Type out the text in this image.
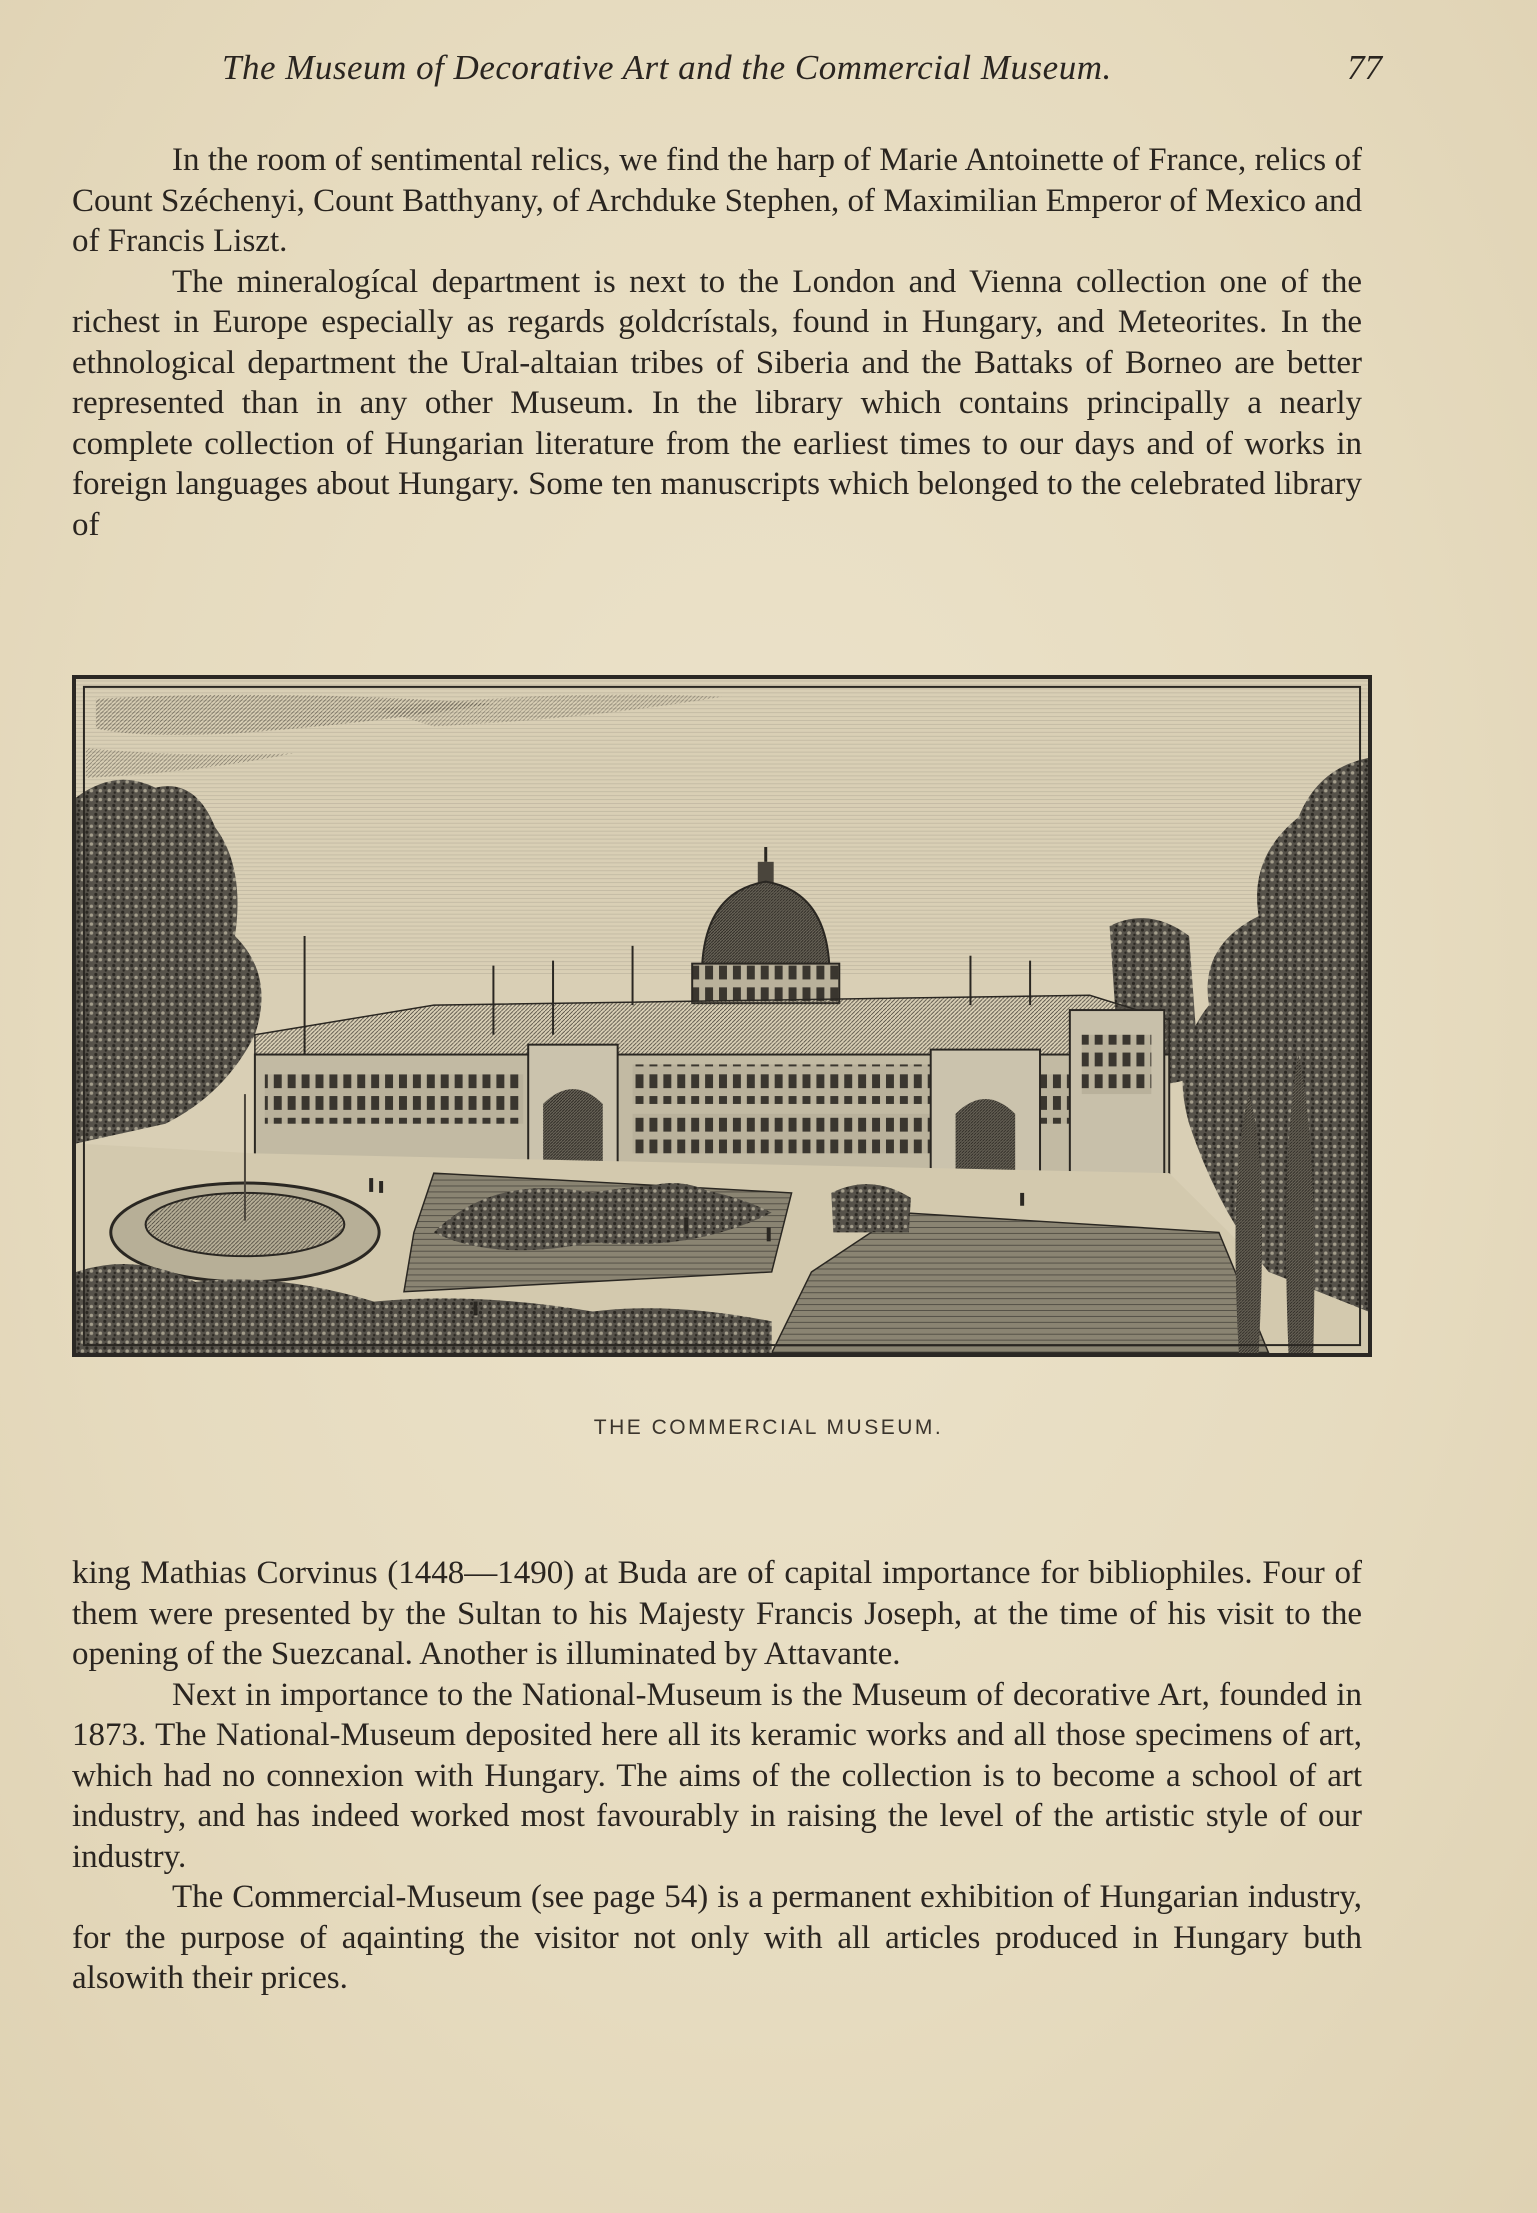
The Museum of Decorative Art and the Commercial Museum.	77

In the room of sentimental relics, we find the harp of Marie Antoinette of France, relics of Count Széchenyi, Count Batthyany, of Archduke Stephen, of Maximilian Emperor of Mexico and of Francis Liszt.

The mineralogícal department is next to the London and Vienna collection one of the richest in Europe especially as regards goldcrístals, found in Hungary, and Meteorites. In the ethnological department the Ural-altaian tribes of Siberia and the Battaks of Borneo are better represented than in any other Museum. In the library which contains principally a nearly complete collection of Hungarian literature from the earliest times to our days and of works in foreign languages about Hungary. Some ten manuscripts which belonged to the celebrated library of

THE COMMERCIAL MUSEUM.

king Mathias Corvinus (1448—1490) at Buda are of capital importance for bibliophiles. Four of them were presented by the Sultan to his Majesty Francis Joseph, at the time of his visit to the opening of the Suezcanal. Another is illuminated by Attavante.

Next in importance to the National-Museum is the Museum of decorative Art, founded in 1873. The National-Museum deposited here all its keramic works and all those specimens of art, which had no connexion with Hungary. The aims of the collection is to become a school of art industry, and has indeed worked most favourably in raising the level of the artistic style of our industry.

The Commercial-Museum (see page 54) is a permanent exhibition of Hungarian industry, for the purpose of aqainting the visitor not only with all articles produced in Hungary buth alsowith their prices.
